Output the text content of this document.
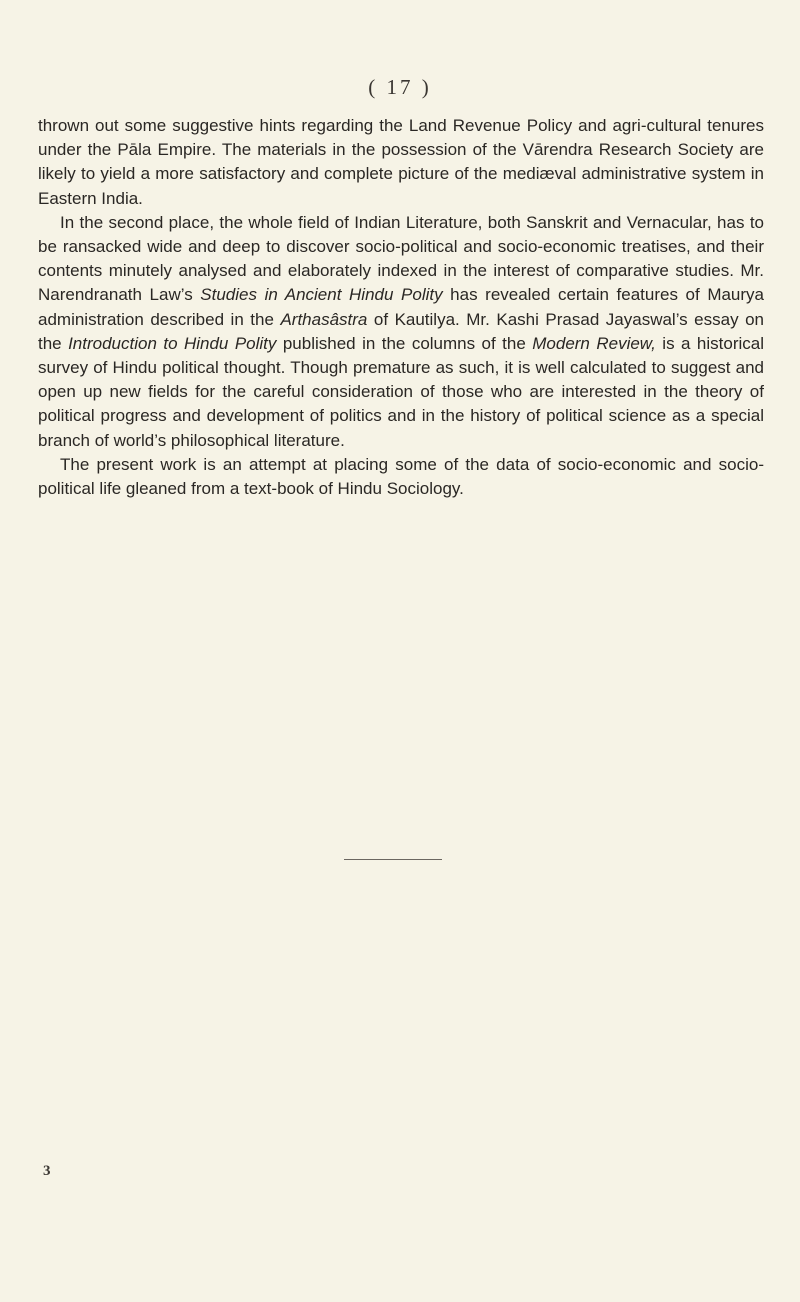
( 17 )

thrown out some suggestive hints regarding the Land Revenue Policy and agri-cultural tenures under the Pāla Empire. The materials in the possession of the Vārendra Research Society are likely to yield a more satisfactory and complete picture of the mediæval administrative system in Eastern India.

In the second place, the whole field of Indian Literature, both Sanskrit and Vernacular, has to be ransacked wide and deep to discover socio-political and socio-economic treatises, and their contents minutely analysed and elaborately indexed in the interest of comparative studies. Mr. Narendranath Law’s Studies in Ancient Hindu Polity has revealed certain features of Maurya administration described in the Arthasâstra of Kautilya. Mr. Kashi Prasad Jayaswal’s essay on the Introduction to Hindu Polity published in the columns of the Modern Review, is a historical survey of Hindu political thought. Though premature as such, it is well calculated to suggest and open up new fields for the careful consideration of those who are interested in the theory of political progress and development of politics and in the history of political science as a special branch of world’s philosophical literature.

The present work is an attempt at placing some of the data of socio-economic and socio-political life gleaned from a text-book of Hindu Sociology.

3
